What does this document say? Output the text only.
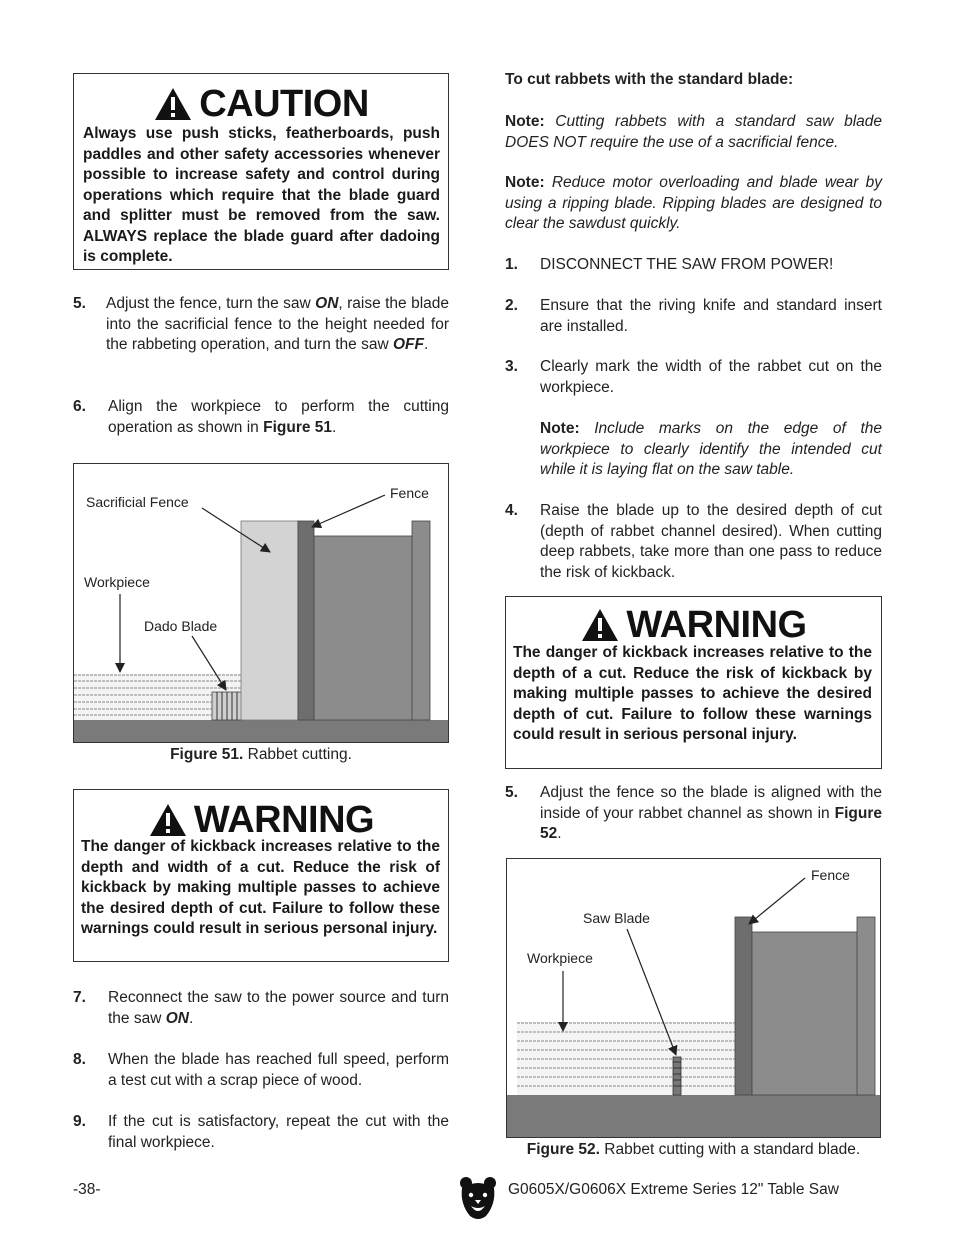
CAUTION
Always use push sticks, featherboards, push paddles and other safety accessories whenever possible to increase safety and control during operations which require that the blade guard and splitter must be removed from the saw. ALWAYS replace the blade guard after dadoing is complete.
5. Adjust the fence, turn the saw ON, raise the blade into the sacrificial fence to the height needed for the rabbeting operation, and turn the saw OFF.
6. Align the workpiece to perform the cutting operation as shown in Figure 51.
Sacrificial Fence
Fence
Workpiece
Dado Blade
Figure 51. Rabbet cutting.
WARNING
The danger of kickback increases relative to the depth and width of a cut. Reduce the risk of kickback by making multiple passes to achieve the desired depth of cut. Failure to follow these warnings could result in serious personal injury.
7. Reconnect the saw to the power source and turn the saw ON.
8. When the blade has reached full speed, perform a test cut with a scrap piece of wood.
9. If the cut is satisfactory, repeat the cut with the final workpiece.
To cut rabbets with the standard blade:
Note: Cutting rabbets with a standard saw blade DOES NOT require the use of a sacrificial fence.
Note: Reduce motor overloading and blade wear by using a ripping blade. Ripping blades are designed to clear the sawdust quickly.
1. DISCONNECT THE SAW FROM POWER!
2. Ensure that the riving knife and standard insert are installed.
3. Clearly mark the width of the rabbet cut on the workpiece.
Note: Include marks on the edge of the workpiece to clearly identify the intended cut while it is laying flat on the saw table.
4. Raise the blade up to the desired depth of cut (depth of rabbet channel desired). When cutting deep rabbets, take more than one pass to reduce the risk of kickback.
WARNING
The danger of kickback increases relative to the depth of a cut. Reduce the risk of kickback by making multiple passes to achieve the desired depth of cut. Failure to follow these warnings could result in serious personal injury.
5. Adjust the fence so the blade is aligned with the inside of your rabbet channel as shown in Figure 52.
Fence
Saw Blade
Workpiece
Figure 52. Rabbet cutting with a standard blade.
-38-	G0605X/G0606X Extreme Series 12" Table Saw
